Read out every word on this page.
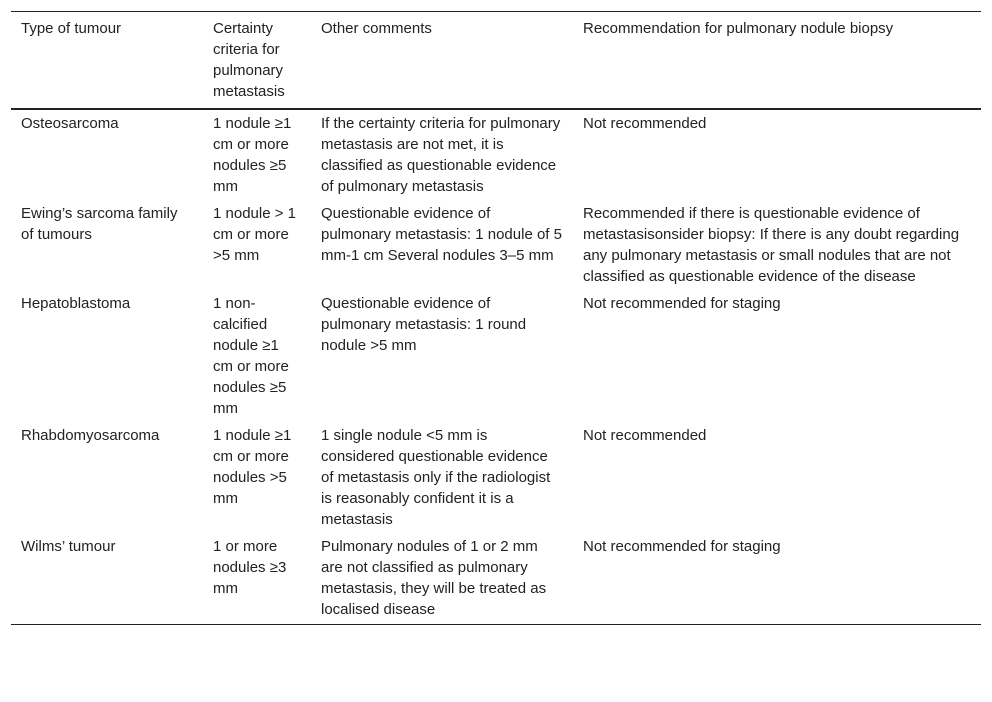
Type of tumour	Certainty criteria for pulmonary metastasis	Other comments	Recommendation for pulmonary nodule biopsy
Osteosarcoma	1 nodule ≥1 cm or more nodules ≥5 mm	If the certainty criteria for pulmonary metastasis are not met, it is classified as questionable evidence of pulmonary metastasis	Not recommended
Ewing’s sarcoma family of tumours	1 nodule > 1 cm or more >5 mm	Questionable evidence of pulmonary metastasis: 1 nodule of 5 mm-1 cm Several nodules 3–5 mm	Recommended if there is questionable evidence of metastasisonsider biopsy: If there is any doubt regarding any pulmonary metastasis or small nodules that are not classified as questionable evidence of the disease
Hepatoblastoma	1 non-calcified nodule ≥1 cm or more nodules ≥5 mm	Questionable evidence of pulmonary metastasis: 1 round nodule >5 mm	Not recommended for staging
Rhabdomyosarcoma	1 nodule ≥1 cm or more nodules >5 mm	1 single nodule <5 mm is considered questionable evidence of metastasis only if the radiologist is reasonably confident it is a metastasis	Not recommended
Wilms’ tumour	1 or more nodules ≥3 mm	Pulmonary nodules of 1 or 2 mm are not classified as pulmonary metastasis, they will be treated as localised disease	Not recommended for staging
